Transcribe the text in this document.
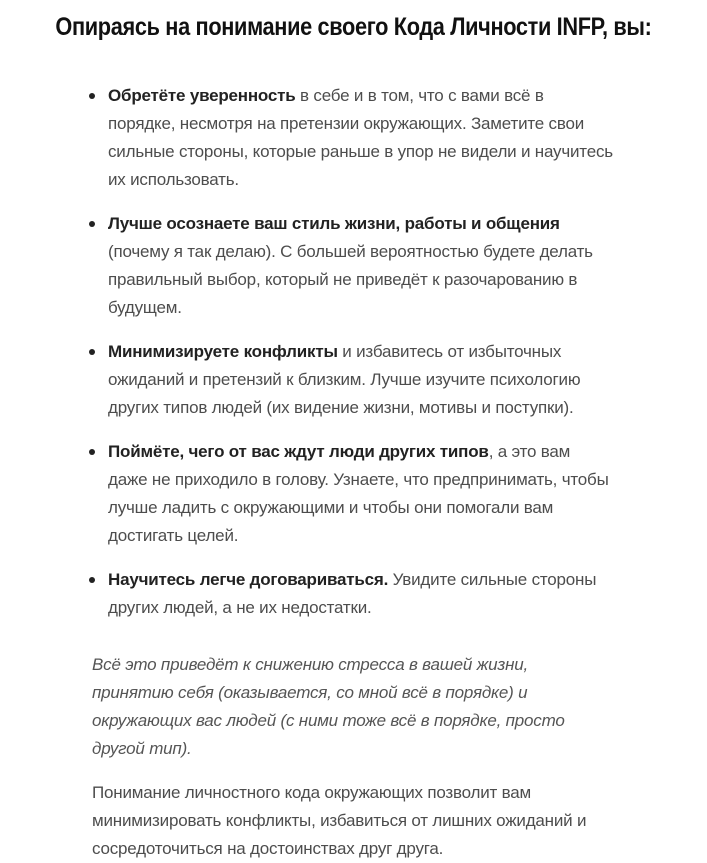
Опираясь на понимание своего Кода Личности INFP, вы:
Обретёте уверенность в себе и в том, что с вами всё в порядке, несмотря на претензии окружающих. Заметите свои сильные стороны, которые раньше в упор не видели и научитесь их использовать.
Лучше осознаете ваш стиль жизни, работы и общения (почему я так делаю). С большей вероятностью будете делать правильный выбор, который не приведёт к разочарованию в будущем.
Минимизируете конфликты и избавитесь от избыточных ожиданий и претензий к близким. Лучше изучите психологию других типов людей (их видение жизни, мотивы и поступки).
Поймёте, чего от вас ждут люди других типов, а это вам даже не приходило в голову. Узнаете, что предпринимать, чтобы лучше ладить с окружающими и чтобы они помогали вам достигать целей.
Научитесь легче договариваться. Увидите сильные стороны других людей, а не их недостатки.

Всё это приведёт к снижению стресса в вашей жизни, принятию себя (оказывается, со мной всё в порядке) и окружающих вас людей (с ними тоже всё в порядке, просто другой тип).

Понимание личностного кода окружающих позволит вам минимизировать конфликты, избавиться от лишних ожиданий и сосредоточиться на достоинствах друг друга.
